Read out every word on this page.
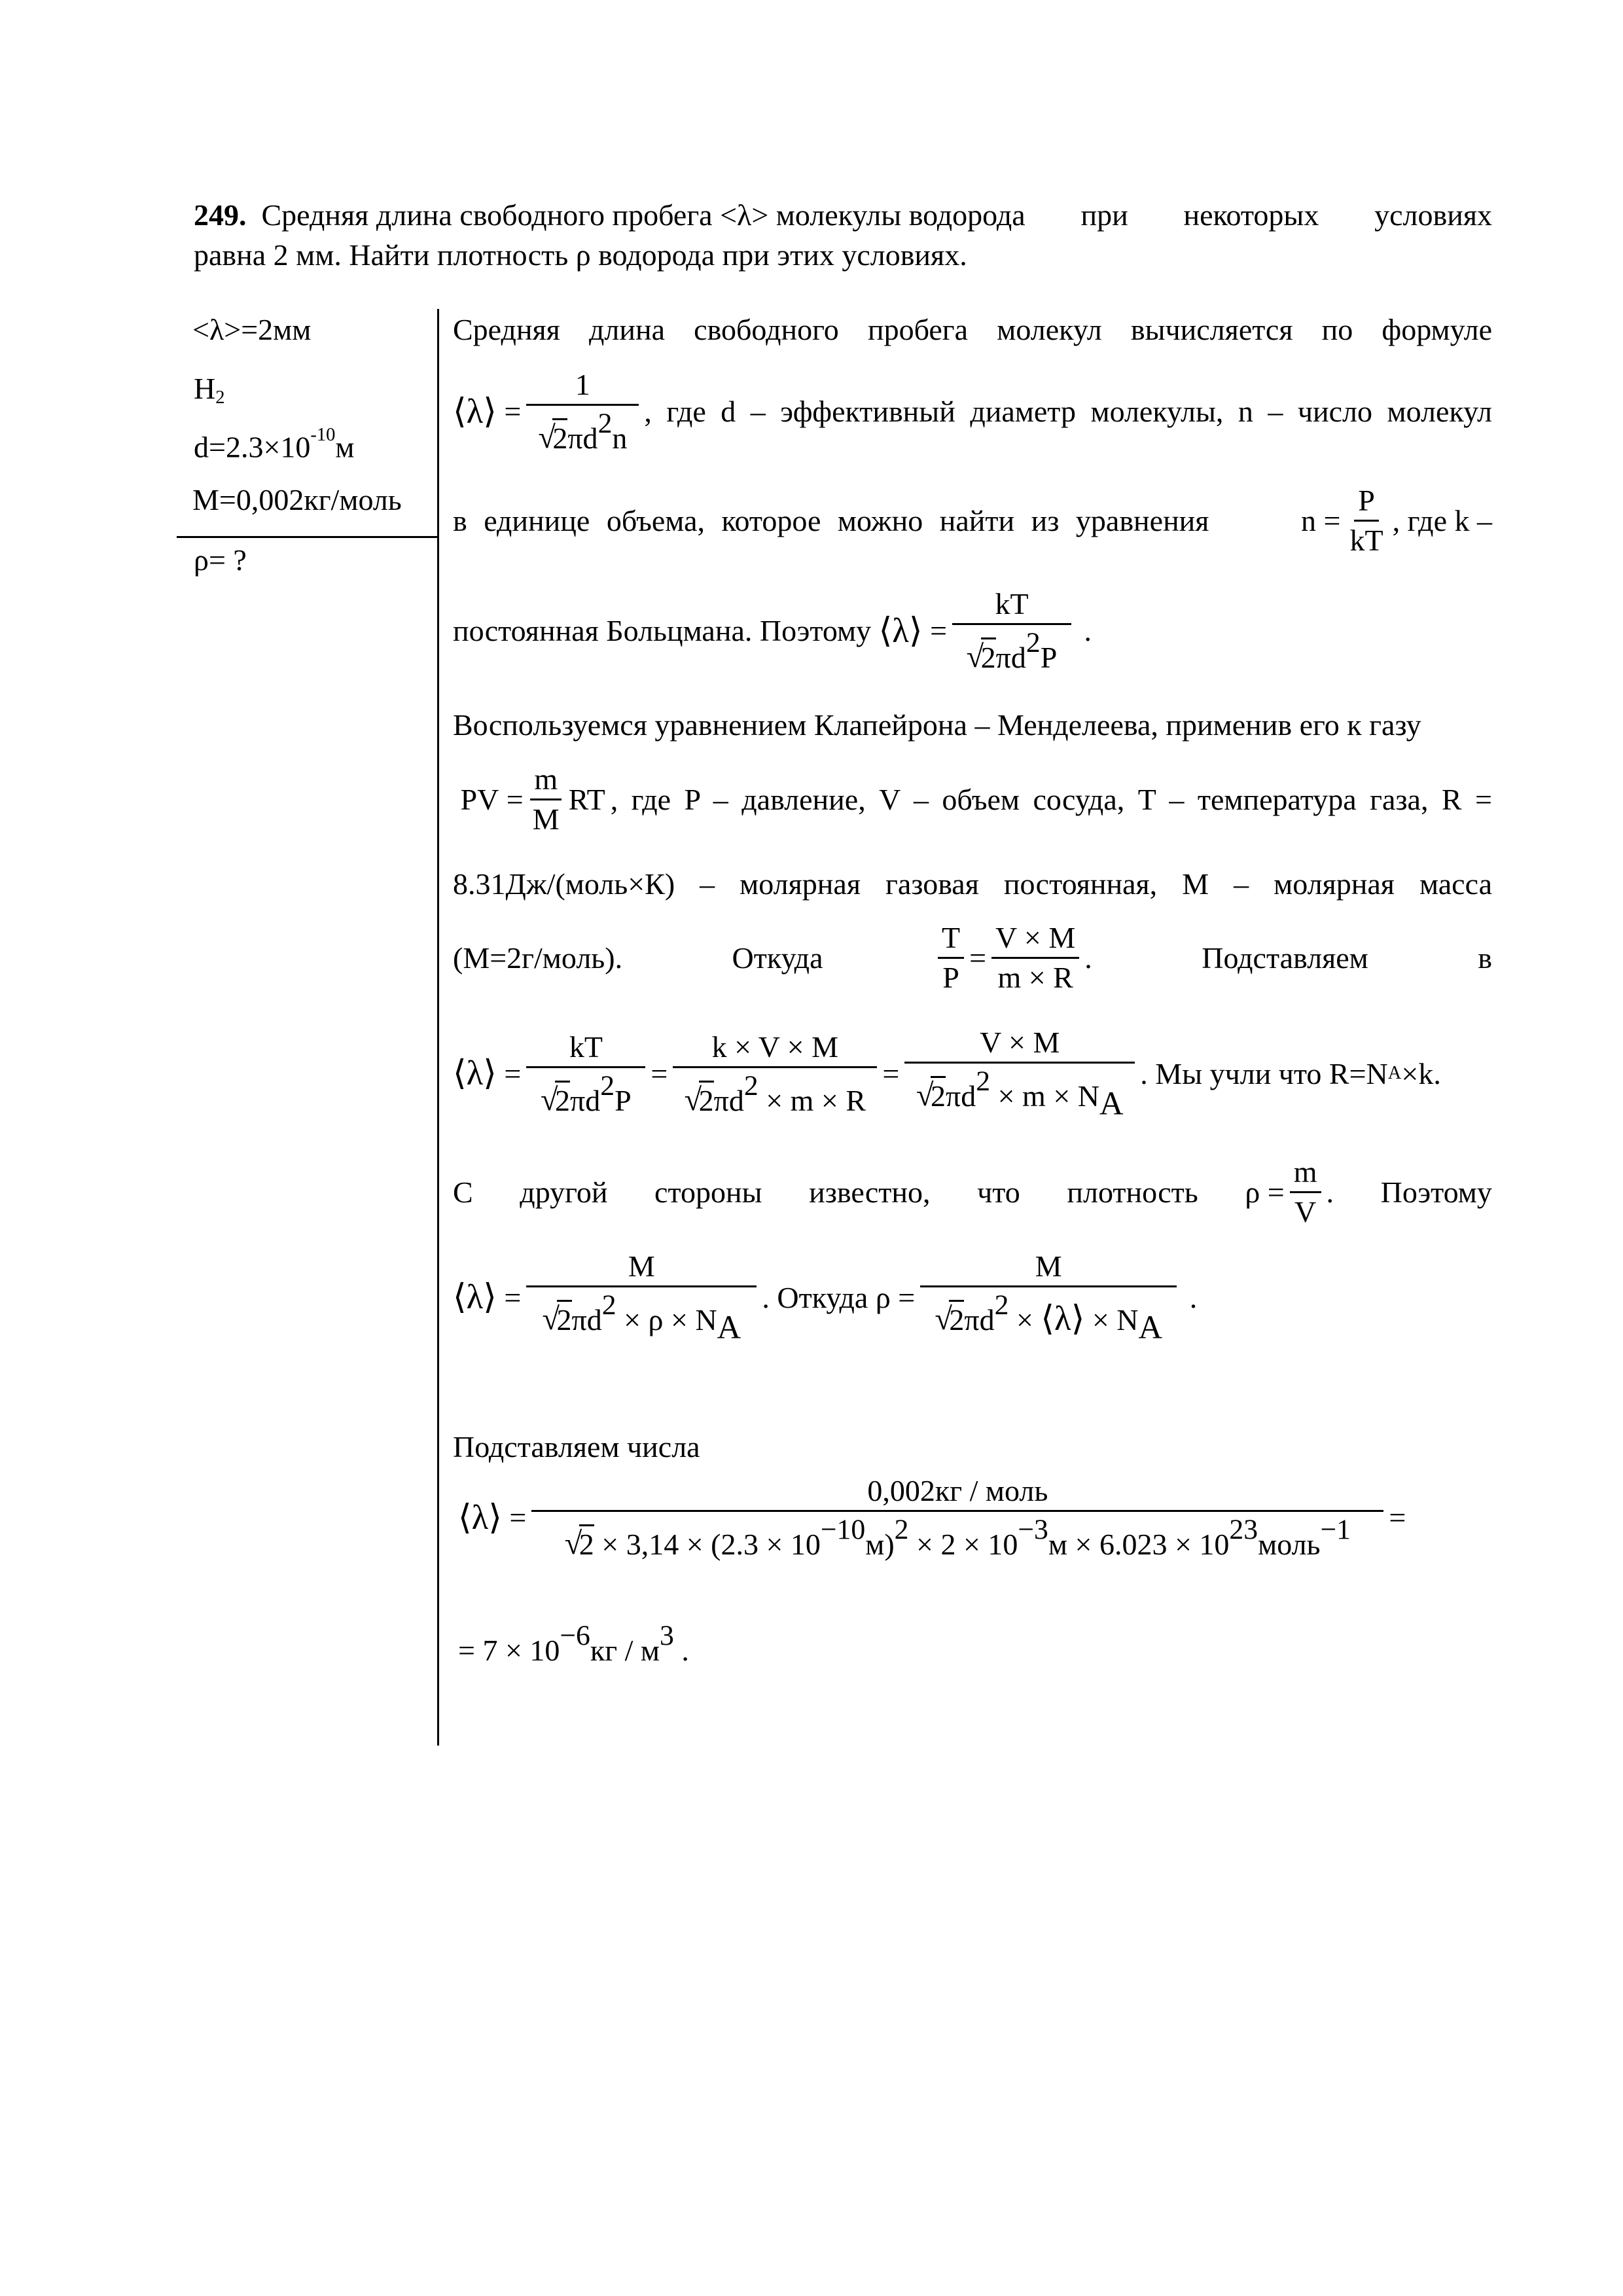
249.  Средняя длина свободного пробега <λ> молекулы водорода при некоторых условиях
равна 2 мм. Найти плотность ρ водорода при этих условиях.
<λ>=2мм
$H_2$
$d=2.3\times 10^{-10}м$
M=0,002кг/моль
ρ= ?
Средняя длина свободного пробега молекул вычисляется по формуле
⟨λ⟩ = 1
√ 2πd2n , где d – эффективный диаметр молекулы, n – число молекул
в единице объема, которое можно найти из уравнения	$n = \frac{P}{kT}$ , где k –
постоянная Больцмана. Поэтому
⟨λ⟩ = kT
√ 2πd2P .
Воспользуемся уравнением Клапейрона – Менделеева, применив его к газу
PV = $\frac{m}{M}$ RT , где P – давление, V – объем сосуда, T – температура газа, R =
8.31Дж/(моль×К) – молярная газовая постоянная, M – молярная масса
(M=2г/моль).	Откуда	$\frac{T}{P} = \frac{V \times M}{m \times R}$ .	Подставляем	в
⟨λ⟩ = kT
√ 2πd2P = k × V × M
√ 2πd2 × m × R = V × M
√ 2πd2 × m × NA . Мы учли что R=N A ×k.
С другой стороны известно, что плотность $\rho = \frac{m}{V}$ . Поэтому
⟨λ⟩ = M
√ 2πd2 × ρ × NA . Откуда ρ = M
√ 2πd2 × ⟨λ⟩ × NA .
Подставляем числа
⟨λ⟩ = 0,002кг / моль
√ 2 × 3,14 × (2.3 × 10−10м)2 × 2 × 10−3м × 6.023 × 1023моль−1 =
= 7 × 10−6кг / м3 .
